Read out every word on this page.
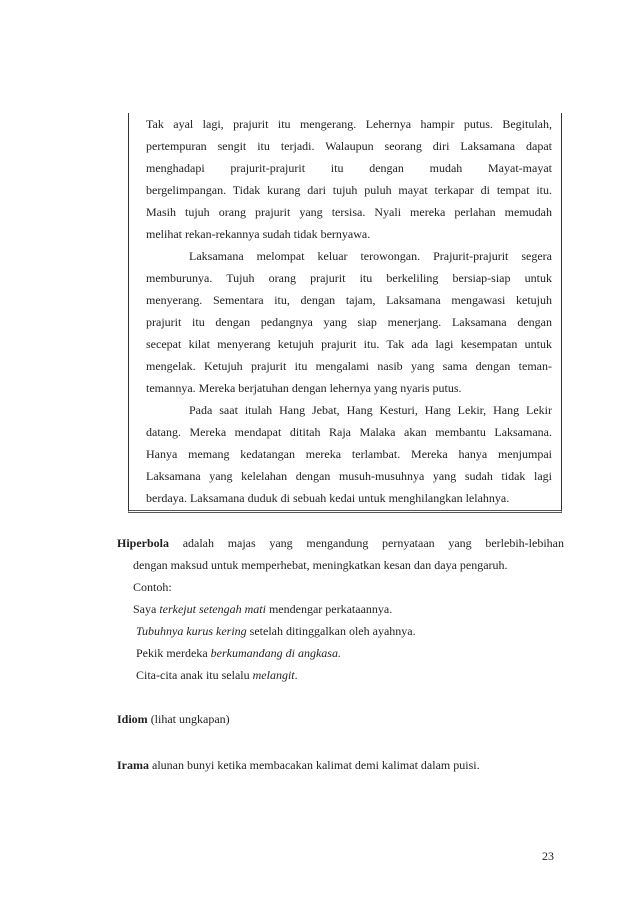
Tak ayal lagi, prajurit itu mengerang. Lehernya hampir putus. Begitulah,

pertempuran sengit itu terjadi. Walaupun seorang diri Laksamana dapat

menghadapi prajurit-prajurit itu dengan mudah Mayat-mayat

bergelimpangan. Tidak kurang dari tujuh puluh mayat terkapar di tempat itu.

Masih tujuh orang prajurit yang tersisa. Nyali mereka perlahan memudah

melihat rekan-rekannya sudah tidak bernyawa.

Laksamana melompat keluar terowongan. Prajurit-prajurit segera

memburunya. Tujuh orang prajurit itu berkeliling bersiap-siap untuk

menyerang. Sementara itu, dengan tajam, Laksamana mengawasi ketujuh

prajurit itu dengan pedangnya yang siap menerjang. Laksamana dengan

secepat kilat menyerang ketujuh prajurit itu. Tak ada lagi kesempatan untuk

mengelak. Ketujuh prajurit itu mengalami nasib yang sama dengan teman-

temannya. Mereka berjatuhan dengan lehernya yang nyaris putus.

Pada saat itulah Hang Jebat, Hang Kesturi, Hang Lekir, Hang Lekir

datang. Mereka mendapat dititah Raja Malaka akan membantu Laksamana.

Hanya memang kedatangan mereka terlambat. Mereka hanya menjumpai

Laksamana yang kelelahan dengan musuh-musuhnya yang sudah tidak lagi

berdaya. Laksamana duduk di sebuah kedai untuk menghilangkan lelahnya.

Hiperbola adalah majas yang mengandung pernyataan yang berlebih-lebihan

dengan maksud untuk memperhebat, meningkatkan kesan dan daya pengaruh.

Contoh:

Saya terkejut setengah mati mendengar perkataannya.

Tubuhnya kurus kering setelah ditinggalkan oleh ayahnya.

Pekik merdeka berkumandang di angkasa.

Cita-cita anak itu selalu melangit.

Idiom (lihat ungkapan)

Irama alunan bunyi ketika membacakan kalimat demi kalimat dalam puisi.

23
